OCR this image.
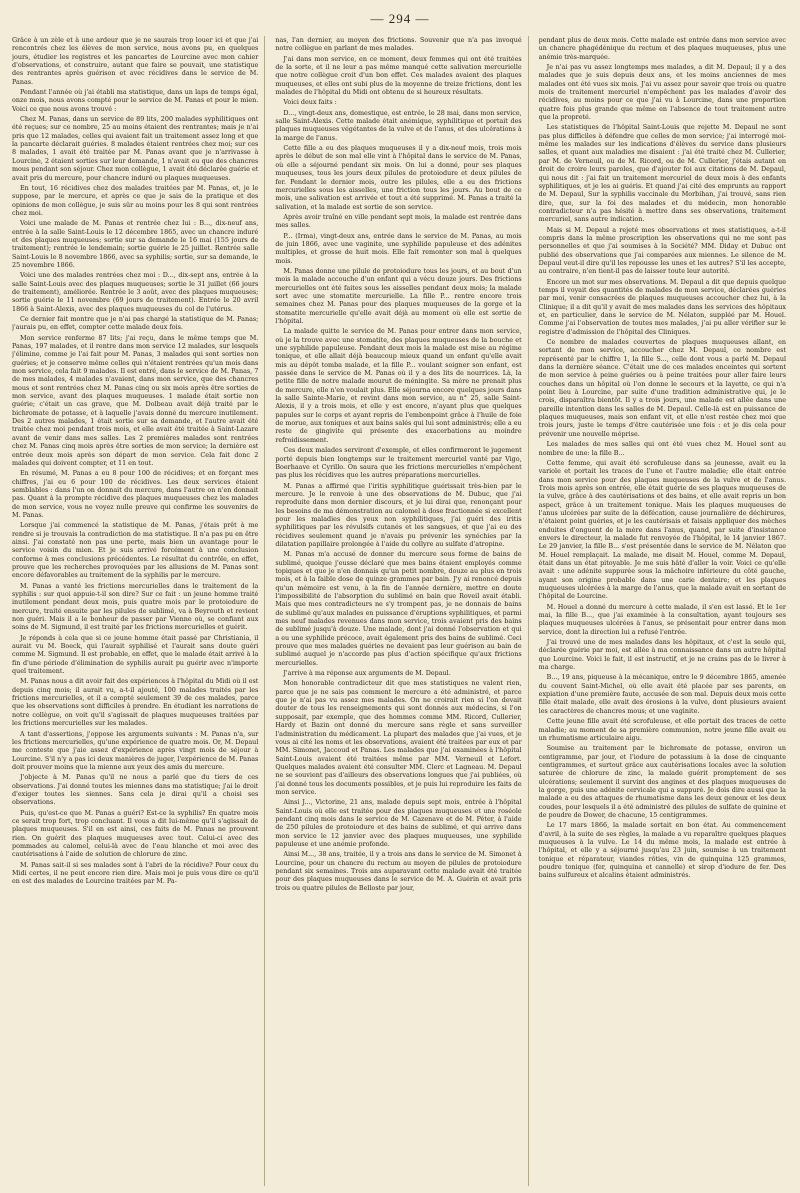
— 294 —

Grâce à un zèle et à une ardeur que je ne saurais trop louer ici et que j'ai rencontrés chez les élèves de mon service, nous avons pu, en quelques jours, étudier les registres et les pancartes de Lourcine avec mon cahier d'observations, et construire, autant que faire se pouvait, une statistique des rentrantes après guérison et avec récidives dans le service de M. Panas.

Pendant l'année où j'ai établi ma statistique, dans un laps de temps égal, onze mois, nous avons compté pour le service de M. Panas et pour le mien. Voici ce que nous avons trouvé :

Chez M. Panas, dans un service de 89 lits, 200 malades syphilitiques ont été reçues; sur ce nombre, 25 au moins étaient des rentrantes; mais je n'ai pris que 12 malades, celles qui avaient fait un traitement assez long et que la pancarte déclarait guéries. 8 malades étaient rentrées chez moi; sur ces 8 malades, 1 avait été traitée par M. Panas avant que je n'arrivasse à Lourcine, 2 étaient sorties sur leur demande, 1 n'avait eu que des chancres mous pendant son séjour. Chez mon collègue, 1 avait été déclarée guérie et avait pris du mercure, pour chancre induré ou plaques muqueuses.

En tout, 16 récidives chez des malades traitées par M. Panas, et, je le suppose, par le mercure, et après ce que je sais de la pratique et des opinions de mon collègue, je suis sûr au moins pour les 8 qui sont rentrées chez moi.

Voici une malade de M. Panas et rentrée chez lui : B..., dix-neuf ans, entrée à la salle Saint-Louis le 12 décembre 1865, avec un chancre induré et des plaques muqueuses; sortie sur sa demande le 16 mai (155 jours de traitement); rentrée le lendemain; sortie guérie le 25 juillet. Rentrée salle Saint-Louis le 8 novembre 1866, avec sa syphilis; sortie, sur sa demande, le 25 novembre 1866.

Voici une des malades rentrées chez moi : D..., dix-sept ans, entrée à la salle Saint-Louis avec des plaques muqueuses; sortie le 31 juillet (66 jours de traitement), améliorée. Rentrée le 3 août, avec des plaques muqueuses; sortie guérie le 11 novembre (69 jours de traitement). Entrée le 20 avril 1866 à Saint-Alexis, avec des plaques muqueuses du col de l'utérus.

Ce dernier fait montre que je n'ai pas chargé la statistique de M. Panas; j'aurais pu, en effet, compter cette malade deux fois.

Mon service renferme 87 lits; j'ai reçu, dans le même temps que M. Panas, 197 malades, et il rentre dans mon service 12 malades, sur lesquels j'élimine, comme je l'ai fait pour M. Panas, 3 malades qui sont sorties non guéries; et je conserve même celles qui n'étaient rentrées qu'un mois dans mon service, cela fait 9 malades. Il est entré, dans le service de M. Panas, 7 de mes malades, 4 malades n'avaient, dans mon service, que des chancres mous et sont rentrées chez M. Panas cinq ou six mois après être sorties de mon service, avant des plaques muqueuses. 1 malade était sortie non guérie; c'était un cas grave, que M. Dolbeau avait déjà traité par le bichromate de potasse, et à laquelle j'avais donné du mercure inutilement. Des 2 autres malades, 1 était sortie sur sa demande, et l'autre avait été traitée chez moi pendant trois mois, et elle avait été traitée à Saint-Lazare avant de venir dans mes salles. Les 2 premières malades sont rentrées chez M. Panas cinq mois après être sorties de mon service; la dernière est entrée deux mois après son départ de mon service. Cela fait donc 2 malades qui doivent compter, et 11 en tout.

En résumé, M. Panas a eu 8 pour 100 de récidives; et en forçant mes chiffres, j'ai eu 6 pour 100 de récidives. Les deux services étaient semblables : dans l'un on donnait du mercure, dans l'autre on n'en donnait pas. Quant à la prompte récidive des plaques muqueuses chez les malades de mon service, vous ne voyez nulle preuve qui confirme les souvenirs de M. Panas.

Lorsque j'ai commencé la statistique de M. Panas, j'étais prêt à me rendre si je trouvais la contradiction de ma statistique. Il n'a pas pu en être ainsi. J'ai constaté non pas une perte, mais bien un avantage pour le service voisin du mien. Et je suis arrivé forcément à une conclusion conforme à mes conclusions précédentes. Le résultat du contrôle, en effet, prouve que les recherches provoquées par les allusions de M. Panas sont encore défavorables au traitement de la syphilis par le mercure.

M. Panas a vanté les frictions mercurielles dans le traitement de la syphilis : sur quoi appuie-t-il son dire? Sur ce fait : un jeune homme traité inutilement pendant deux mois, puis quatre mois par le protoiodure de mercure, traité ensuite par les pilules de sublimé, va à Beyrouth et revient non guéri. Mais il a le bonheur de passer par Vienne où, se confiant aux soins de M. Sigmund, il est traité par les frictions mercurielles et guérit.

Je réponds à cela que si ce jeune homme était passé par Christiania, il aurait vu M. Boeck, qui l'aurait syphilisé et l'aurait sans doute guéri comme M. Sigmund. Il est probable, en effet, que le malade était arrivé à la fin d'une période d'élimination de syphilis aurait pu guérir avec n'importe quel traitement.

M. Panas nous a dit avoir fait des expériences à l'hôpital du Midi où il est depuis cinq mois; il aurait vu, a-t-il ajouté, 100 malades traités par les frictions mercurielles, et il a compté seulement 39 de ces malades, parce que les observations sont difficiles à prendre. En étudiant les narrations de notre collègue, on voit qu'il s'agissait de plaques muqueuses traitées par les frictions mercurielles sur les malades.

A tant d'assertions, j'oppose les arguments suivants : M. Panas n'a, sur les frictions mercurielles, qu'une expérience de quatre mois. Or, M. Depaul me conteste que j'aie assez d'expérience après vingt mois de séjour à Lourcine. S'il n'y a pas ici deux manières de juger, l'expérience de M. Panas doit prouver moins que la mienne aux yeux des amis du mercure.

J'objecte à M. Panas qu'il ne nous a parlé que du tiers de ces observations. J'ai donné toutes les miennes dans ma statistique; j'ai le droit d'exiger toutes les siennes. Sans cela je dirai qu'il a choisi ses observations.

Puis, qu'est-ce que M. Panas a guéri? Est-ce la syphilis? En quatre mois ce serait trop fort, trop concluant. Il vous a dit lui-même qu'il s'agissait de plaques muqueuses. S'il en est ainsi, ces faits de M. Panas ne prouvent rien. On guérit des plaques muqueuses avec tout. Celui-ci avec des pommades au calomel, celui-là avec de l'eau blanche et moi avec des cautérisations à l'aide de solution de chlorure de zinc.

M. Panas sait-il si ses malades sont à l'abri de la récidive? Pour ceux du Midi certes, il ne peut encore rien dire. Mais moi je puis vous dire ce qu'il en est des malades de Lourcine traitées par M. Pa-

nas, l'an dernier, au moyen des frictions. Souvenir que n'a pas invoqué notre collègue en parlant de mes malades.

J'ai dans mon service, en ce moment, deux femmes qui ont été traitées de la sorte, et il ne leur a pas même manqué cette salivation mercurielle que notre collègue croit d'un bon effet. Ces malades avaient des plaques muqueuses, et elles ont subi plus de la moyenne de treize frictions, dont les malades de l'hôpital du Midi ont obtenu de si heureux résultats.

Voici deux faits :

D..., vingt-deux ans, domestique, est entrée, le 28 mai, dans mon service, salle Saint-Alexis. Cette malade était anémique, syphilitique et portait des plaques muqueuses végétantes de la vulve et de l'anus, et des ulcérations à la marge de l'anus.

Cette fille a eu des plaques muqueuses il y a dix-neuf mois, trois mois après le début de son mal elle vint à l'hôpital dans le service de M. Panas, où elle a séjourné pendant six mois. On lui a donné, pour ses plaques muqueuses, tous les jours deux pilules de protoiodure et deux pilules de fer. Pendant le dernier mois, outre les pilules, elle a eu des frictions mercurielles sous les aisselles, une friction tous les jours. Au bout de ce mois, une salivation est arrivée et tout a été supprimé. M. Panas a traité la salivation, et la malade est sortie de son service.

Après avoir traîné en ville pendant sept mois, la malade est rentrée dans mes salles.

P... (Irma), vingt-deux ans, entrée dans le service de M. Panas, au mois de juin 1866, avec une vaginite, une syphilide papuleuse et des adénites multiples, et grosse de huit mois. Elle fait remonter son mal à quelques mois.

M. Panas donne une pilule de protoiodure tous les jours, et au bout d'un mois la malade accouche d'un enfant qui a vécu douze jours. Des frictions mercurielles ont été faites sous les aisselles pendant deux mois; la malade sort avec une stomatite mercurielle. La fille P... rentre encore trois semaines chez M. Panas pour des plaques muqueuses de la gorge et la stomatite mercurielle qu'elle avait déjà au moment où elle est sortie de l'hôpital.

La malade quitte le service de M. Panas pour entrer dans mon service, où je la trouve avec une stomatite, des plaques muqueuses de la bouche et une syphilide papuleuse. Pendant deux mois la malade est mise au régime tonique, et elle allait déjà beaucoup mieux quand un enfant qu'elle avait mis au dépôt tomba malade, et la fille P... voulant soigner son enfant, est passée dans le service de M. Panas où il y a des lits de nourrices. Là, la petite fille de notre malade mourut de méningite. Sa mère ne prenait plus de mercure, elle n'en voulait plus. Elle séjourna encore quelques jours dans la salle Sainte-Marie, et revint dans mon service, au n° 25, salle Saint-Alexis, il y a trois mois, et elle y est encore, n'ayant plus que quelques papules sur le corps et ayant repris de l'embonpoint grâce à l'huile de foie de morue, aux toniques et aux bains salés qui lui sont administrés; elle a eu reste de gingivite qui présente des exacerbations au moindre refroidissement.

Ces deux malades serviront d'exemple, et elles confirmeront le jugement porté depuis bien longtemps sur le traitement mercuriel vanté par Vigo, Boerhaave et Cyrillo. On saura que les frictions mercurielles n'empêchent pas plus les récidives que les autres préparations mercurielles.

M. Panas a affirmé que l'iritis syphilitique guérissait très-bien par le mercure. Je le renvoie à une des observations de M. Dubuc, que j'ai reproduite dans mon dernier discours, et je lui dirai que, renonçant pour les besoins de ma démonstration au calomel à dose fractionnée si excellent pour les maladies des yeux non syphilitiques, j'ai guéri des iritis syphilitiques par les révulsifs cutanés et les sangsues, et que j'ai eu des récidives seulement quand je n'avais pu prévenir les synéchies par la dilatation papillaire prolongée à l'aide du collyre au sulfate d'atropine.

M. Panas m'a accusé de donner du mercure sous forme de bains de sublimé, quoique j'eusse déclaré que mes bains étaient employés comme topiques et que je n'en donnais qu'un petit nombre, douze au plus en trois mois, et à la faible dose de quinze grammes par bain. J'y ai renoncé depuis qu'un mémoire est venu, à la fin de l'année dernière, mettre en doute l'impossibilité de l'absorption du sublimé en bain que Roveil avait établi. Mais que mes contradicteurs ne s'y trompent pas, je ne donnais de bains de sublimé qu'aux malades en puissance d'éruptions syphilitiques, et parmi mes neuf malades revenues dans mon service, trois avaient pris des bains de sublimé jusqu'à douze. Une malade, dont j'ai donné l'observation et qui a eu une syphilide précoce, avait également pris des bains de sublimé. Ceci prouve que mes malades guéries ne devaient pas leur guérison au bain de sublimé auquel je n'accorde pas plus d'action spécifique qu'aux frictions mercurielles.

J'arrive à ma réponse aux arguments de M. Depaul.

Mon honorable contradicteur dit que mes statistiques ne valent rien, parce que je ne sais pas comment le mercure a été administré, et parce que je n'ai pas vu assez mes malades. On ne croirait rien si l'on devait douter de tous les renseignements qui sont donnés aux médecins, si l'on supposait, par exemple, que des hommes comme MM. Ricord, Cullerier, Hardy et Bazin ont donné du mercure sans règle et sans surveiller l'administration du médicament. La plupart des malades que j'ai vues, et je vous ai cité les noms et les observations, avaient été traitées par eux et par MM. Simonet, Jaccoud et Panas. Les malades que j'ai examinées à l'hôpital Saint-Louis avaient été traitées même par MM. Verneuil et Lefort. Quelques malades avaient été consulter MM. Clerc et Lagneau. M. Depaul ne se souvient pas d'ailleurs des observations longues que j'ai publiées, où j'ai donné tous les documents possibles, et je puis lui reproduire les faits de mon service.

Ainsi J..., Victorine, 21 ans, malade depuis sept mois, entrée à l'hôpital Saint-Louis où elle est traitée pour des plaques muqueuses et une roséole pendant cinq mois dans le service de M. Cazenave et de M. Péter, à l'aide de 250 pilules de protoiodure et des bains de sublimé, et qui arrive dans mon service le 12 janvier avec des plaques muqueuses, une syphilide papuleuse et une anémie profonde.

Ainsi M..., 38 ans, traitée, il y a trois ans dans le service de M. Simonet à Lourcine, pour un chancre du rectum au moyen de pilules de protoiodure pendant six semaines. Trois ans auparavant cette malade avait été traitée pour des plaques muqueuses dans le service de M. A. Guérin et avait pris trois ou quatre pilules de Belloste par jour,

pendant plus de deux mois. Cette malade est entrée dans mon service avec un chancre phagédénique du rectum et des plaques muqueuses, plus une anémie très-marquée.

Je n'ai pas vu assez longtemps mes malades, a dit M. Depaul; il y a des malades que je suis depuis deux ans, et les moins anciennes de mes malades ont été vues six mois. J'ai vu assez pour savoir que trois ou quatre mois de traitement mercuriel n'empêchent pas les malades d'avoir des récidives, au moins pour ce que j'ai vu à Lourcine, dans une proportion quatre fois plus grande que même en l'absence de tout traitement autre que la propreté.

Les statistiques de l'hôpital Saint-Louis que rejette M. Depaul ne sont pas plus difficiles à défendre que celles de mon service; j'ai interrogé moi-même les malades sur les indications d'élèves du service dans plusieurs salles, et quant aux maladies me disaient : j'ai été traité chez M. Cullerier, par M. de Verneuil, ou de M. Ricord, ou de M. Cullerier, j'étais autant en droit de croire leurs paroles, que d'ajouter foi aux citations de M. Depaul, qui nous dit : j'ai fait un traitement mercuriel de deux mois à des enfants syphilitiques, et je les ai guéris. Et quand j'ai cité des emprunts au rapport de M. Depaul, Sur la syphilis vaccinale du Morbihan, j'ai trouvé, sans rien dire, que, sur la foi des malades et du médecin, mon honorable contradicteur n'a pas hésité à mettre dans ses observations, traitement mercuriel, sans autre indication.

Mais si M. Depaul a rejeté mes observations et mes statistiques, a-t-il compris dans la même proscription les observations qui ne me sont pas personnelles et que j'ai soumises à la Société? MM. Diday et Dubuc ont publié des observations que j'ai comparées aux miennes. Le silence de M. Depaul veut-il dire qu'il les repousse les unes et les autres? S'il les accepte, au contraire, n'en tient-il pas de laisser toute leur autorité.

Encore un mot sur mes observations. M. Depaul a dit que depuis quelque temps il voyait des quantités de malades de mon service, déclarées guéries par moi, venir consacrées de plaques muqueuses accoucher chez lui, à la Clinique; il a dit qu'il y avait de mes malades dans les services des hôpitaux et, en particulier, dans le service de M. Nélaton, suppléé par M. Houel. Comme j'ai l'observation de toutes mes malades, j'ai pu aller vérifier sur le registre d'admission de l'hôpital des Cliniques.

Ce nombre de malades couvertes de plaques muqueuses allant, en sortant de mon service, accoucher chez M. Depaul, ce nombre est représenté par le chiffre 1, la fille S..., celle dont vous a parlé M. Depaul dans la dernière séance. C'était une de ces malades enceintes qui sortent de mon service à peine guéries ou à peine traitées pour aller faire leurs couches dans un hôpital où l'on donne le secours et la layette, ce qui n'a point lieu à Lourcine, par suite d'une tradition administrative qui, je le crois, disparaîtra bientôt. Il y a trois jours, une malade est allée dans une pareille intention dans les salles de M. Depaul. Celle-là est en puissance de plaques muqueuses, mais son enfant vit, et elle n'est restée chez moi que trois jours, juste le temps d'être cautérisée une fois : et je dis cela pour prévenir une nouvelle méprise.

Les malades de mes salles qui ont été vues chez M. Houel sont au nombre de une: la fille B...

Cette femme, qui avait été scrofuleuse dans sa jeunesse, avait eu la variole et portait les traces de l'une et l'autre maladie; elle était entrée dans mon service pour des plaques muqueuses de la vulve et de l'anus. Trois mois après son entrée, elle était guérie de ses plaques muqueuses de la vulve, grâce à des cautérisations et des bains, et elle avait repris un bon aspect, grâce à un traitement tonique. Mais les plaques muqueuses de l'anus ulcérées par suite de la défécation, cause journalière de déchirures, n'étaient point guéries, et je les cautérisais et faisais appliquer des mèches enduites d'onguent de la mère dans l'anus, quand, par suite d'insistance envers le directeur, la malade fut renvoyée de l'hôpital, le 14 janvier 1867. Le 29 janvier, la fille B... s'est présentée dans le service de M. Nélaton que M. Houel remplaçait. La malade, me disait M. Houel, comme M. Depaul, était dans un état pitoyable. Je me suis hâté d'aller la voir. Voici ce qu'elle avait : une adénite suppurée sous la mâchoire inférieure du côté gauche, ayant son origine probable dans une carie dentaire; et les plaques muqueuses ulcérées à la marge de l'anus, que la malade avait en sortant de l'hôpital de Lourcine.

M. Houel a donné du mercure à cette malade, il s'en est lassé. Et le 1er mai, la fille B..., que j'ai examinée à la consultation, ayant toujours ses plaques muqueuses ulcérées à l'anus, se présentait pour entrer dans mon service, dont la direction lui a refusé l'entrée.

J'ai trouvé une de mes malades dans les hôpitaux, et c'est la seule qui, déclarée guérie par moi, est allée à ma connaissance dans un autre hôpital que Lourcine. Voici le fait, il est instructif, et je ne crains pas de le livrer à ma charge.

B..., 19 ans, piqueuse à la mécanique, entre le 9 décembre 1865, amenée du couvent Saint-Michel, où elle avait été placée par ses parents, en expiation d'une première faute, accusée de son mal. Depuis deux mois cette fille était malade, elle avait des érosions à la vulve, dont plusieurs avaient les caractères de chancres mous; et une vaginite.

Cette jeune fille avait été scrofuleuse, et elle portait des traces de cette maladie; au moment de sa première communion, notre jeune fille avait eu un rhumatisme articulaire aigu.

Soumise au traitement par le bichromate de potasse, environ un centigramme, par jour, et l'iodure de potassium à la dose de cinquante centigrammes, et surtout grâce aux cautérisations locales avec la solution saturée de chlorure de zinc, la malade guérit promptement de ses ulcérations; seulement il survint des angines et des plaques muqueuses de la gorge, puis une adénite cervicale qui a suppuré. Je dois dire aussi que la malade a eu des attaques de rhumatisme dans les deux genoux et les deux coudes, pour lesquels il a été administré des pilules de sulfate de quinine et de poudre de Dower, de chacune, 15 centigrammes.

Le 17 mars 1866, la malade sortait en bon état. Au commencement d'avril, à la suite de ses règles, la malade a vu reparaître quelques plaques muqueuses à la vulve. Le 14 du même mois, la malade est entrée à l'hôpital, et elle y a séjourné jusqu'au 23 juin, soumise à un traitement tonique et réparateur, viandes rôties, vin de quinquina 125 grammes, poudre tonique (fer, quinquina et cannelle) et sirop d'iodure de fer. Des bains sulfureux et alcalins étaient administrés.
